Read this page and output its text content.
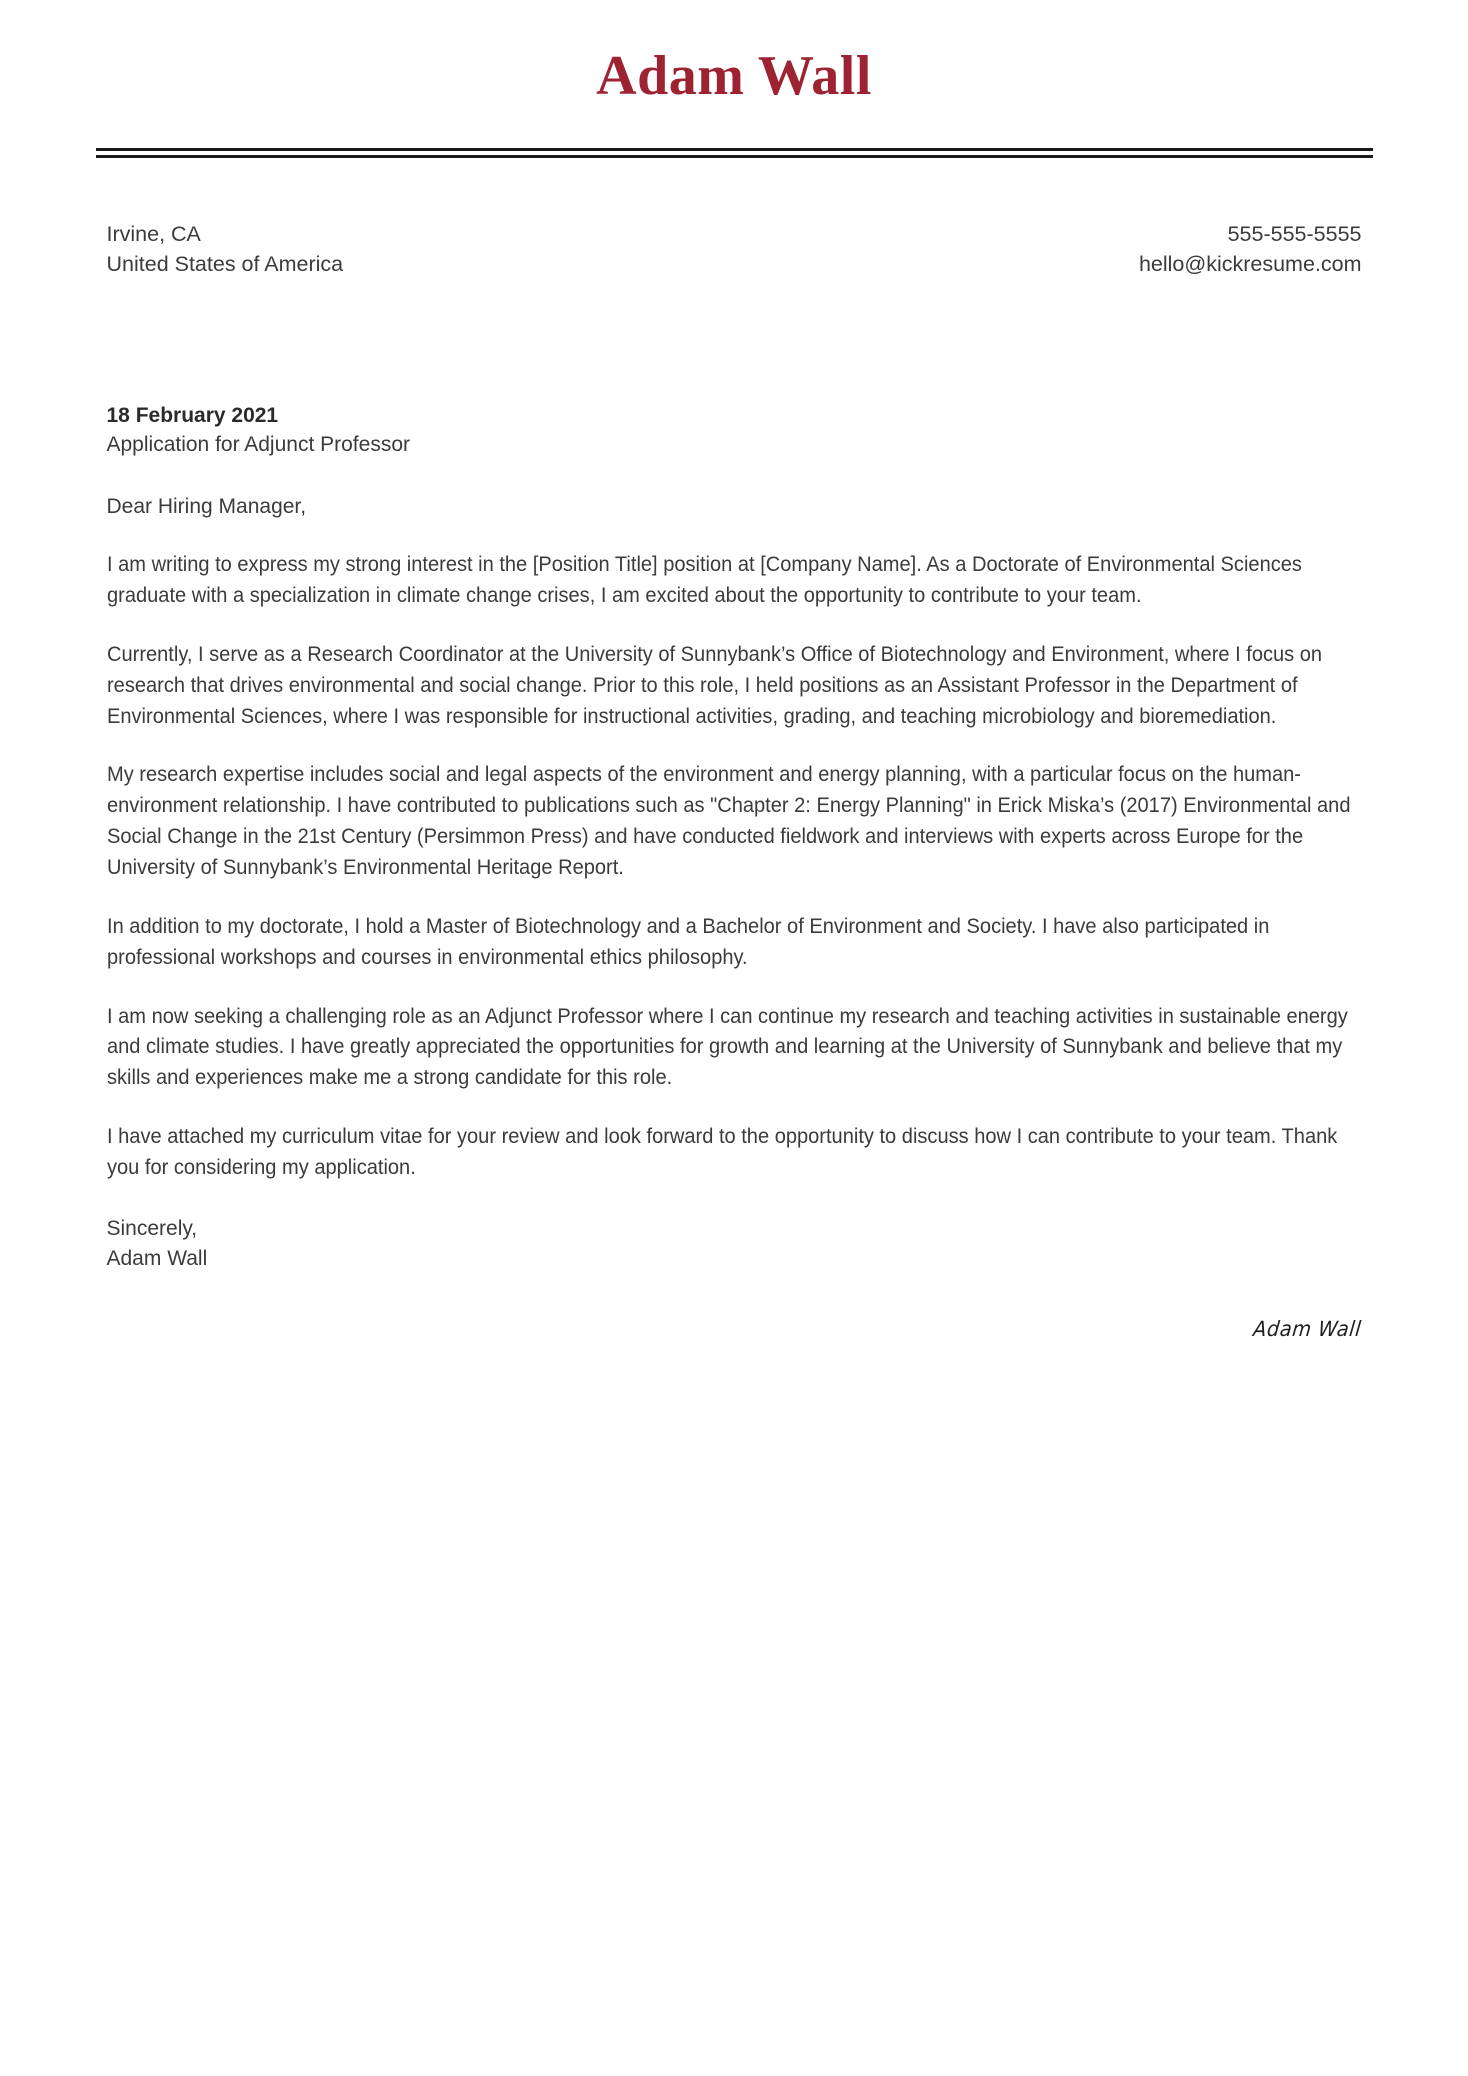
Adam Wall
Irvine, CA
United States of America
555-555-5555
hello@kickresume.com
18 February 2021
Application for Adjunct Professor
Dear Hiring Manager,

I am writing to express my strong interest in the [Position Title] position at [Company Name]. As a Doctorate of Environmental Sciences graduate with a specialization in climate change crises, I am excited about the opportunity to contribute to your team.

Currently, I serve as a Research Coordinator at the University of Sunnybank’s Office of Biotechnology and Environment, where I focus on research that drives environmental and social change. Prior to this role, I held positions as an Assistant Professor in the Department of Environmental Sciences, where I was responsible for instructional activities, grading, and teaching microbiology and bioremediation.

My research expertise includes social and legal aspects of the environment and energy planning, with a particular focus on the human-environment relationship. I have contributed to publications such as "Chapter 2: Energy Planning" in Erick Miska’s (2017) Environmental and Social Change in the 21st Century (Persimmon Press) and have conducted fieldwork and interviews with experts across Europe for the University of Sunnybank’s Environmental Heritage Report.

In addition to my doctorate, I hold a Master of Biotechnology and a Bachelor of Environment and Society. I have also participated in professional workshops and courses in environmental ethics philosophy.

I am now seeking a challenging role as an Adjunct Professor where I can continue my research and teaching activities in sustainable energy and climate studies. I have greatly appreciated the opportunities for growth and learning at the University of Sunnybank and believe that my skills and experiences make me a strong candidate for this role.

I have attached my curriculum vitae for your review and look forward to the opportunity to discuss how I can contribute to your team. Thank you for considering my application.

Sincerely,
Adam Wall
Adam Wall
